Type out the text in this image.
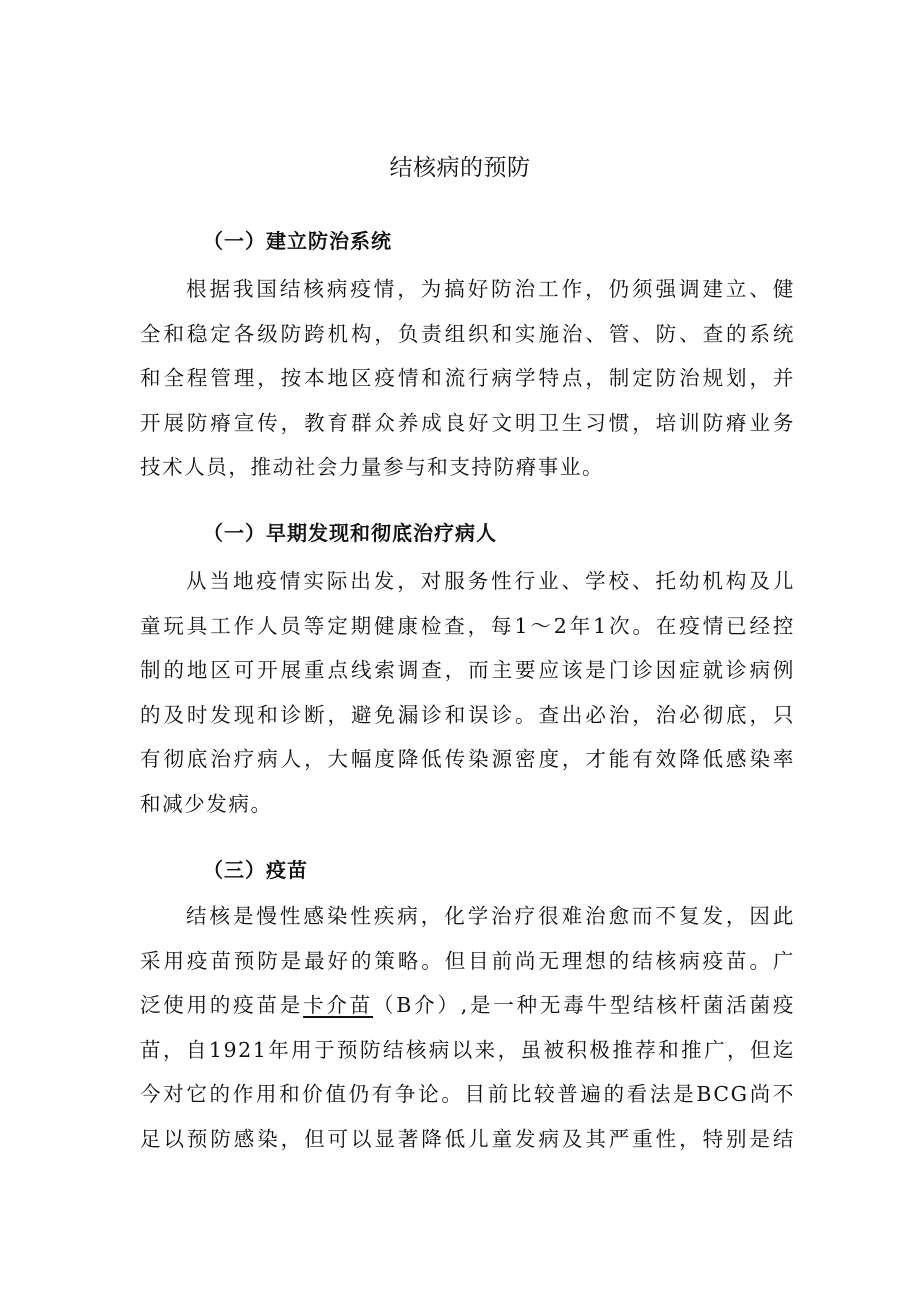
结核病的预防
（一）建立防治系统
根据我国结核病疫情，为搞好防治工作，仍须强调建立、健
全和稳定各级防跨机构，负责组织和实施治、管、防、查的系统
和全程管理，按本地区疫情和流行病学特点，制定防治规划，并
开展防瘠宣传，教育群众养成良好文明卫生习惯，培训防瘠业务
技术人员，推动社会力量参与和支持防瘠事业。
（一）早期发现和彻底治疗病人
从当地疫情实际出发，对服务性行业、学校、托幼机构及儿
童玩具工作人员等定期健康检查，每1～2年1次。在疫情已经控
制的地区可开展重点线索调查，而主要应该是门诊因症就诊病例
的及时发现和诊断，避免漏诊和误诊。查出必治，治必彻底，只
有彻底治疗病人，大幅度降低传染源密度，才能有效降低感染率
和减少发病。
（三）疫苗
结核是慢性感染性疾病，化学治疗很难治愈而不复发，因此
采用疫苗预防是最好的策略。但目前尚无理想的结核病疫苗。广
泛使用的疫苗是卡介苗（B介）,是一种无毒牛型结核杆菌活菌疫
苗，自1921年用于预防结核病以来，虽被积极推荐和推广，但迄
今对它的作用和价值仍有争论。目前比较普遍的看法是BCG尚不
足以预防感染，但可以显著降低儿童发病及其严重性，特别是结
